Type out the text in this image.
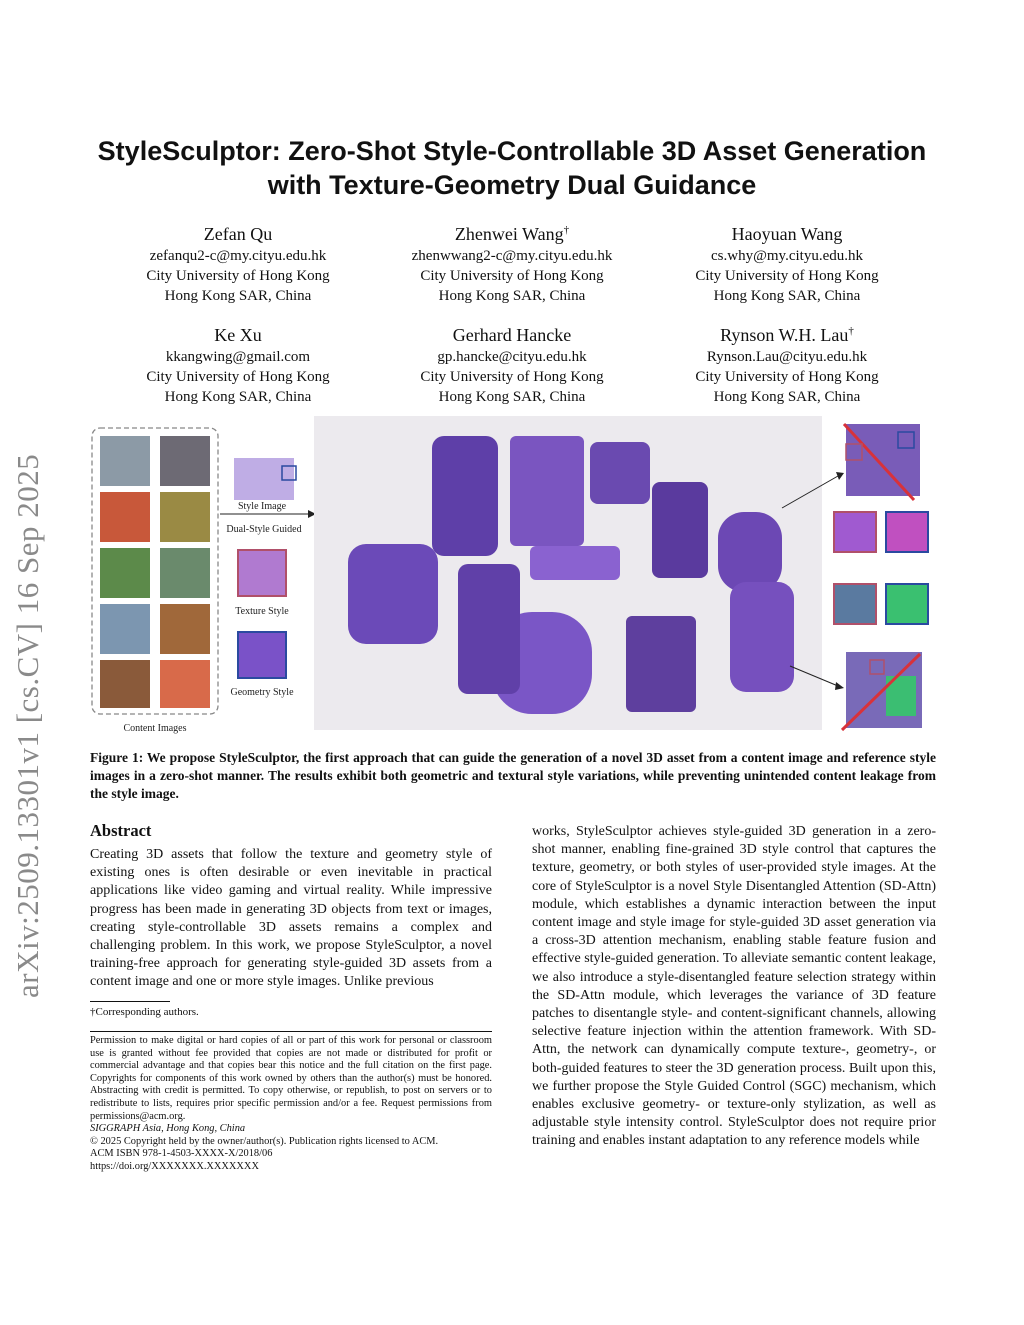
arXiv:2509.13301v1 [cs.CV] 16 Sep 2025
StyleSculptor: Zero-Shot Style-Controllable 3D Asset Generation
with Texture-Geometry Dual Guidance
Zefan Qu
zefanqu2-c@my.cityu.edu.hk
City University of Hong Kong
Hong Kong SAR, China
Zhenwei Wang†
zhenwwang2-c@my.cityu.edu.hk
City University of Hong Kong
Hong Kong SAR, China
Haoyuan Wang
cs.why@my.cityu.edu.hk
City University of Hong Kong
Hong Kong SAR, China
Ke Xu
kkangwing@gmail.com
City University of Hong Kong
Hong Kong SAR, China
Gerhard Hancke
gp.hancke@cityu.edu.hk
City University of Hong Kong
Hong Kong SAR, China
Rynson W.H. Lau†
Rynson.Lau@cityu.edu.hk
City University of Hong Kong
Hong Kong SAR, China
Content Images
Style Image
Dual-Style Guided
Texture Style
Geometry Style
Figure 1: We propose StyleSculptor, the first approach that can guide the generation of a novel 3D asset from a content image and reference style images in a zero-shot manner. The results exhibit both geometric and textural style variations, while preventing unintended content leakage from the style image.
Abstract
Creating 3D assets that follow the texture and geometry style of existing ones is often desirable or even inevitable in practical applications like video gaming and virtual reality. While impressive progress has been made in generating 3D objects from text or images, creating style-controllable 3D assets remains a complex and challenging problem. In this work, we propose StyleSculptor, a novel training-free approach for generating style-guided 3D assets from a content image and one or more style images. Unlike previous
works, StyleSculptor achieves style-guided 3D generation in a zero-shot manner, enabling fine-grained 3D style control that captures the texture, geometry, or both styles of user-provided style images. At the core of StyleSculptor is a novel Style Disentangled Attention (SD-Attn) module, which establishes a dynamic interaction between the input content image and style image for style-guided 3D asset generation via a cross-3D attention mechanism, enabling stable feature fusion and effective style-guided generation. To alleviate semantic content leakage, we also introduce a style-disentangled feature selection strategy within the SD-Attn module, which leverages the variance of 3D feature patches to disentangle style- and content-significant channels, allowing selective feature injection within the attention framework. With SD-Attn, the network can dynamically compute texture-, geometry-, or both-guided features to steer the 3D generation process. Built upon this, we further propose the Style Guided Control (SGC) mechanism, which enables exclusive geometry- or texture-only stylization, as well as adjustable style intensity control. StyleSculptor does not require prior training and enables instant adaptation to any reference models while
†Corresponding authors.

Permission to make digital or hard copies of all or part of this work for personal or classroom use is granted without fee provided that copies are not made or distributed for profit or commercial advantage and that copies bear this notice and the full citation on the first page. Copyrights for components of this work owned by others than the author(s) must be honored. Abstracting with credit is permitted. To copy otherwise, or republish, to post on servers or to redistribute to lists, requires prior specific permission and/or a fee. Request permissions from permissions@acm.org.

SIGGRAPH Asia, Hong Kong, China

© 2025 Copyright held by the owner/author(s). Publication rights licensed to ACM.

ACM ISBN 978-1-4503-XXXX-X/2018/06

https://doi.org/XXXXXXX.XXXXXXX
